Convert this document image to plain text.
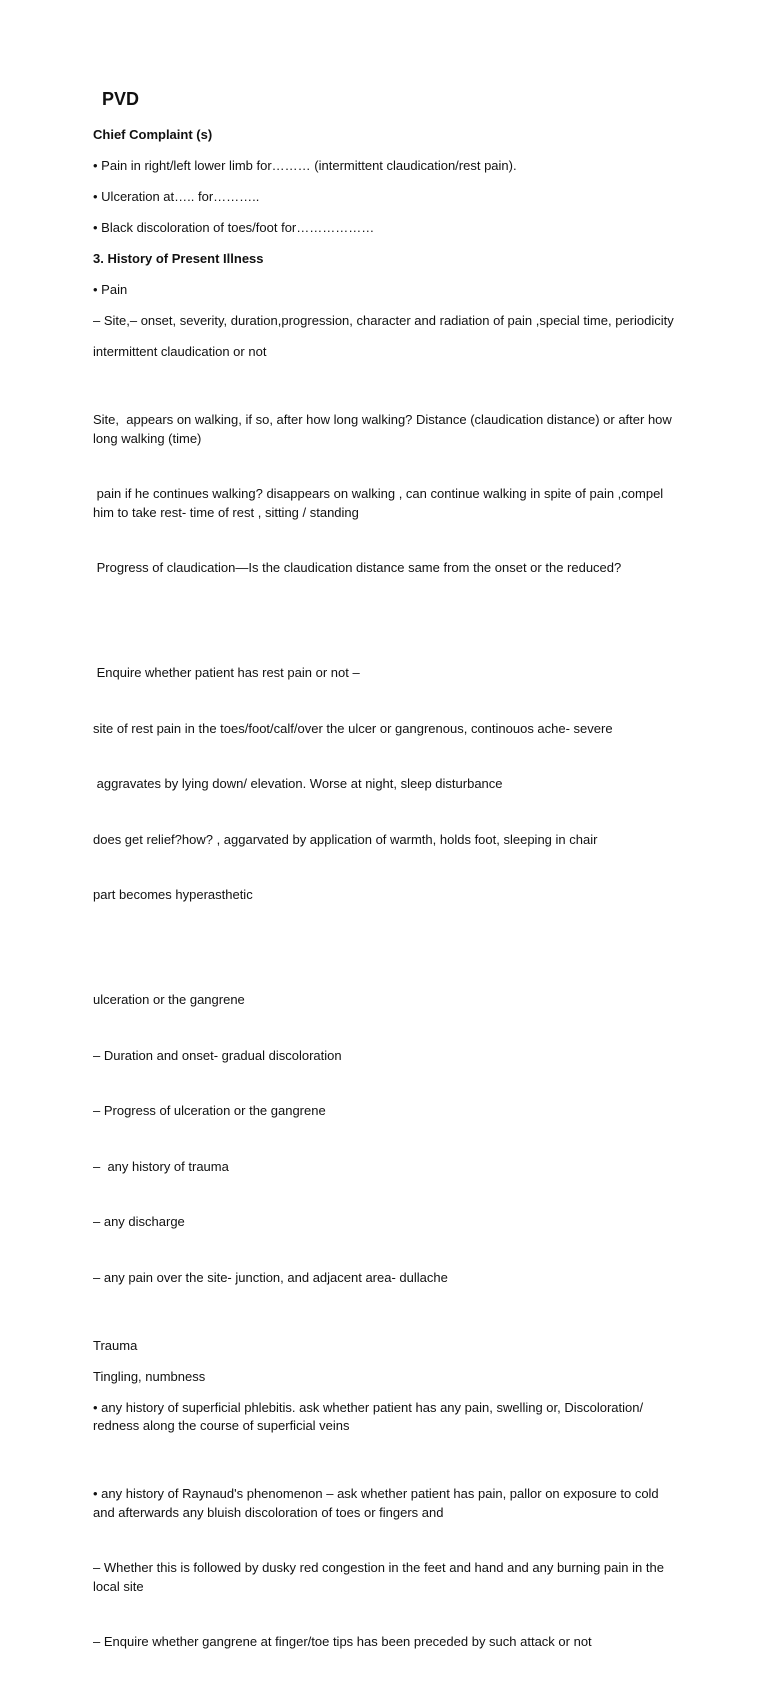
PVD

Chief Complaint (s)

• Pain in right/left lower limb for……… (intermittent claudication/rest pain).

• Ulceration at….. for………..

• Black discoloration of toes/foot for………………

3. History of Present Illness

• Pain

– Site,– onset, severity, duration,progression, character and radiation of pain ,special time, periodicity

intermittent claudication or not

Site,  appears on walking, if so, after how long walking? Distance (claudication distance) or after how long walking (time)

pain if he continues walking? disappears on walking , can continue walking in spite of pain ,compel him to take rest- time of rest , sitting / standing

Progress of claudication—Is the claudication distance same from the onset or the reduced?

Enquire whether patient has rest pain or not –

site of rest pain in the toes/foot/calf/over the ulcer or gangrenous, continouos ache- severe

aggravates by lying down/ elevation. Worse at night, sleep disturbance

does get relief?how? , aggarvated by application of warmth, holds foot, sleeping in chair

part becomes hyperasthetic

ulceration or the gangrene

– Duration and onset- gradual discoloration

– Progress of ulceration or the gangrene

–  any history of trauma

– any discharge

– any pain over the site- junction, and adjacent area- dullache

Trauma

Tingling, numbness

• any history of superficial phlebitis. ask whether patient has any pain, swelling or, Discoloration/ redness along the course of superficial veins

• any history of Raynaud's phenomenon – ask whether patient has pain, pallor on exposure to cold and afterwards any bluish discoloration of toes or fingers and

– Whether this is followed by dusky red congestion in the feet and hand and any burning pain in the local site

– Enquire whether gangrene at finger/toe tips has been preceded by such attack or not
